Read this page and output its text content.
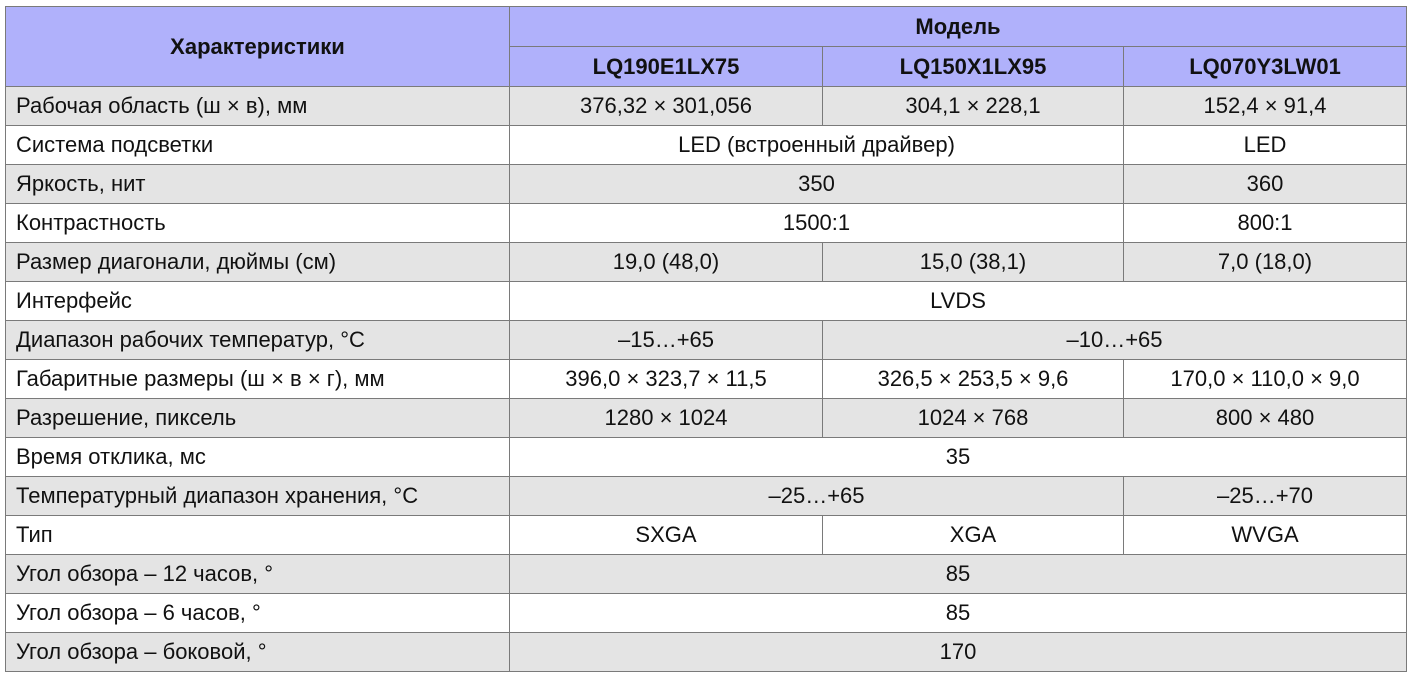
Характеристики	Модель		
	LQ190E1LX75	LQ150X1LX95	LQ070Y3LW01
Рабочая область (ш × в), мм	376,32 × 301,056	304,1 × 228,1	152,4 × 91,4
Система подсветки	LED (встроенный драйвер)		LED
Яркость, нит	350		360
Контрастность	1500:1		800:1
Размер диагонали, дюймы (см)	19,0 (48,0)	15,0 (38,1)	7,0 (18,0)
Интерфейс	LVDS		
Диапазон рабочих температур, °С	–15…+65	–10…+65	
Габаритные размеры (ш × в × г), мм	396,0 × 323,7 × 11,5	326,5 × 253,5 × 9,6	170,0 × 110,0 × 9,0
Разрешение, пиксель	1280 × 1024	1024 × 768	800 × 480
Время отклика, мс	35		
Температурный диапазон хранения, °С	–25…+65		–25…+70
Тип	SXGA	XGA	WVGA
Угол обзора – 12 часов, °	85		
Угол обзора – 6 часов, °	85		
Угол обзора – боковой, °	170		
